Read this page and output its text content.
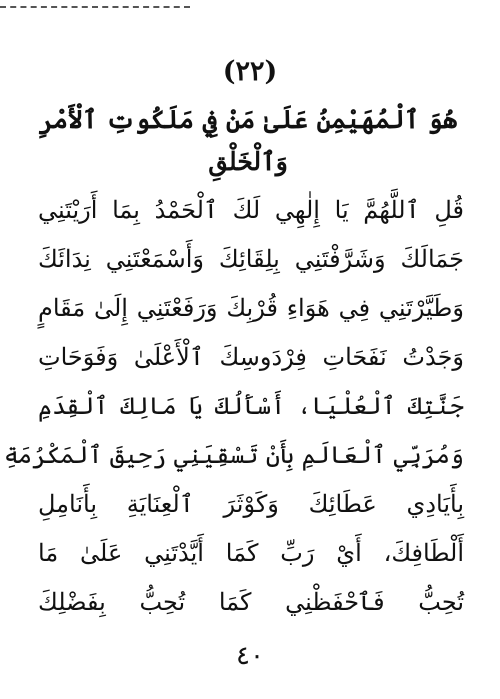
(٢٢)
هُوَ ٱلْمُهَيْمِنُ عَلَىٰ مَنْ فِي مَلَكُوتِ ٱلْأَمْرِ
وَٱلْخَلْقِ
قُلِ ٱللَّهُمَّ يَا إِلٰهِي لَكَ ٱلْحَمْدُ بِمَا أَرَيْتَنِي
جَمَالَكَ وَشَرَّفْتَنِي بِلِقَائِكَ وَأَسْمَعْتَنِي نِدَائَكَ
وَطَيَّرْتَنِي فِي هَوَاءِ قُرْبِكَ وَرَفَعْتَنِي إِلَىٰ مَقَامٍ
وَجَدْتُ نَفَحَاتِ فِرْدَوسِكَ ٱلْأَعْلَىٰ وَفَوَحَاتِ
جَنَّتِكَ ٱلْعُلْيَا، أَسْأَلُكَ يَا مَالِكَ ٱلْقِدَمِ
وَمُرَبِّي ٱلْعَالَمِ بِأَنْ تَسْقِيَنِي رَحِيقَ ٱلْمَكْرُمَةِ
بِأَيَادِي عَطَائِكَ وَكَوْثَرَ ٱلْعِنَايَةِ بِأَنَامِلِ
أَلْطَافِكَ، أَيْ رَبِّ كَمَا أَيَّدْتَنِي عَلَىٰ مَا
تُحِبُّ فَٱحْفَظْنِي كَمَا تُحِبُّ بِفَضْلِكَ
٤٠
